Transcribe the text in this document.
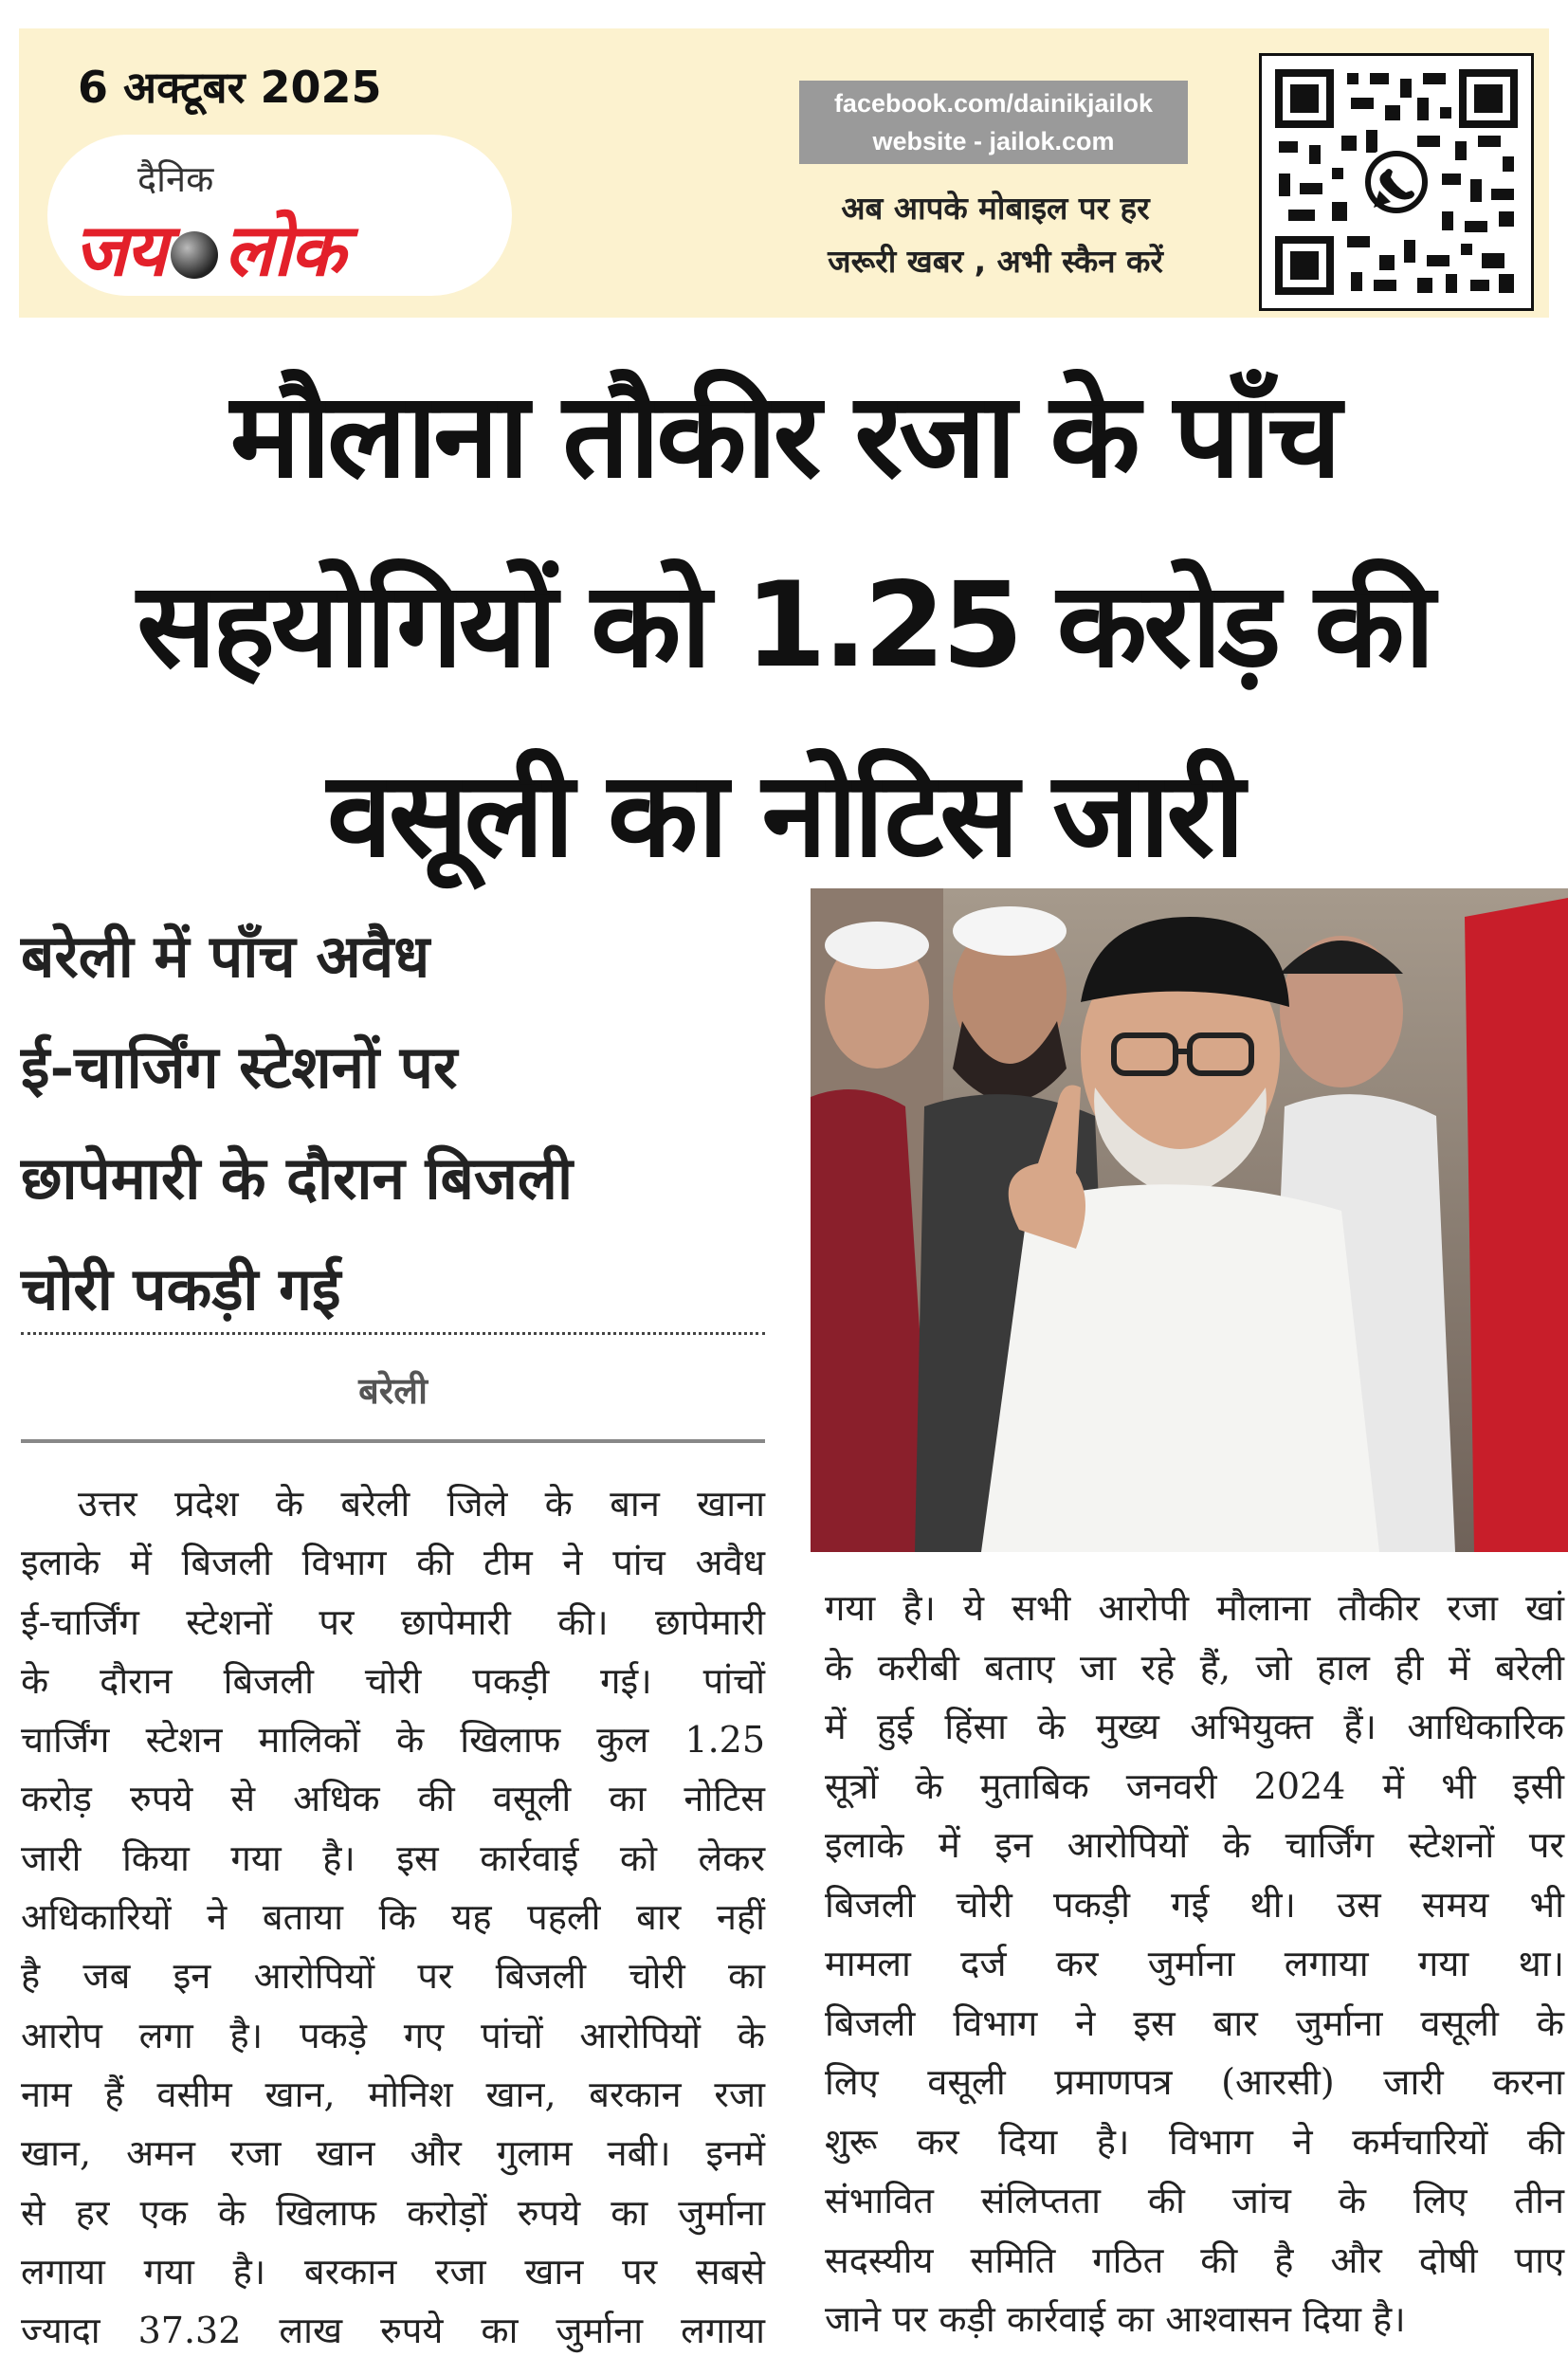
6 अक्टूबर 2025
दैनिक
जय लोक
facebook.com/dainikjailok
website - jailok.com
अब आपके मोबाइल पर हर
जरूरी खबर , अभी स्कैन करें
मौलाना तौकीर रजा के पाँच
सहयोगियों को 1.25 करोड़ की
वसूली का नोटिस जारी
बरेली में पाँच अवैध
ई-चार्जिंग स्टेशनों पर
छापेमारी के दौरान बिजली
चोरी पकड़ी गई
बरेली
उत्तर प्रदेश के बरेली जिले के बान खाना
इलाके में बिजली विभाग की टीम ने पांच अवैध
ई-चार्जिंग स्टेशनों पर छापेमारी की। छापेमारी
के दौरान बिजली चोरी पकड़ी गई। पांचों
चार्जिंग स्टेशन मालिकों के खिलाफ कुल 1.25
करोड़ रुपये से अधिक की वसूली का नोटिस
जारी किया गया है। इस कार्रवाई को लेकर
अधिकारियों ने बताया कि यह पहली बार नहीं
है जब इन आरोपियों पर बिजली चोरी का
आरोप लगा है। पकड़े गए पांचों आरोपियों के
नाम हैं वसीम खान, मोनिश खान, बरकान रजा
खान, अमन रजा खान और गुलाम नबी। इनमें
से हर एक के खिलाफ करोड़ों रुपये का जुर्माना
लगाया गया है। बरकान रजा खान पर सबसे
ज्यादा 37.32 लाख रुपये का जुर्माना लगाया
गया है। ये सभी आरोपी मौलाना तौकीर रजा खां
के करीबी बताए जा रहे हैं, जो हाल ही में बरेली
में हुई हिंसा के मुख्य अभियुक्त हैं। आधिकारिक
सूत्रों के मुताबिक जनवरी 2024 में भी इसी
इलाके में इन आरोपियों के चार्जिंग स्टेशनों पर
बिजली चोरी पकड़ी गई थी। उस समय भी
मामला दर्ज कर जुर्माना लगाया गया था।
बिजली विभाग ने इस बार जुर्माना वसूली के
लिए वसूली प्रमाणपत्र (आरसी) जारी करना
शुरू कर दिया है। विभाग ने कर्मचारियों की
संभावित संलिप्तता की जांच के लिए तीन
सदस्यीय समिति गठित की है और दोषी पाए
जाने पर कड़ी कार्रवाई का आश्वासन दिया है।
